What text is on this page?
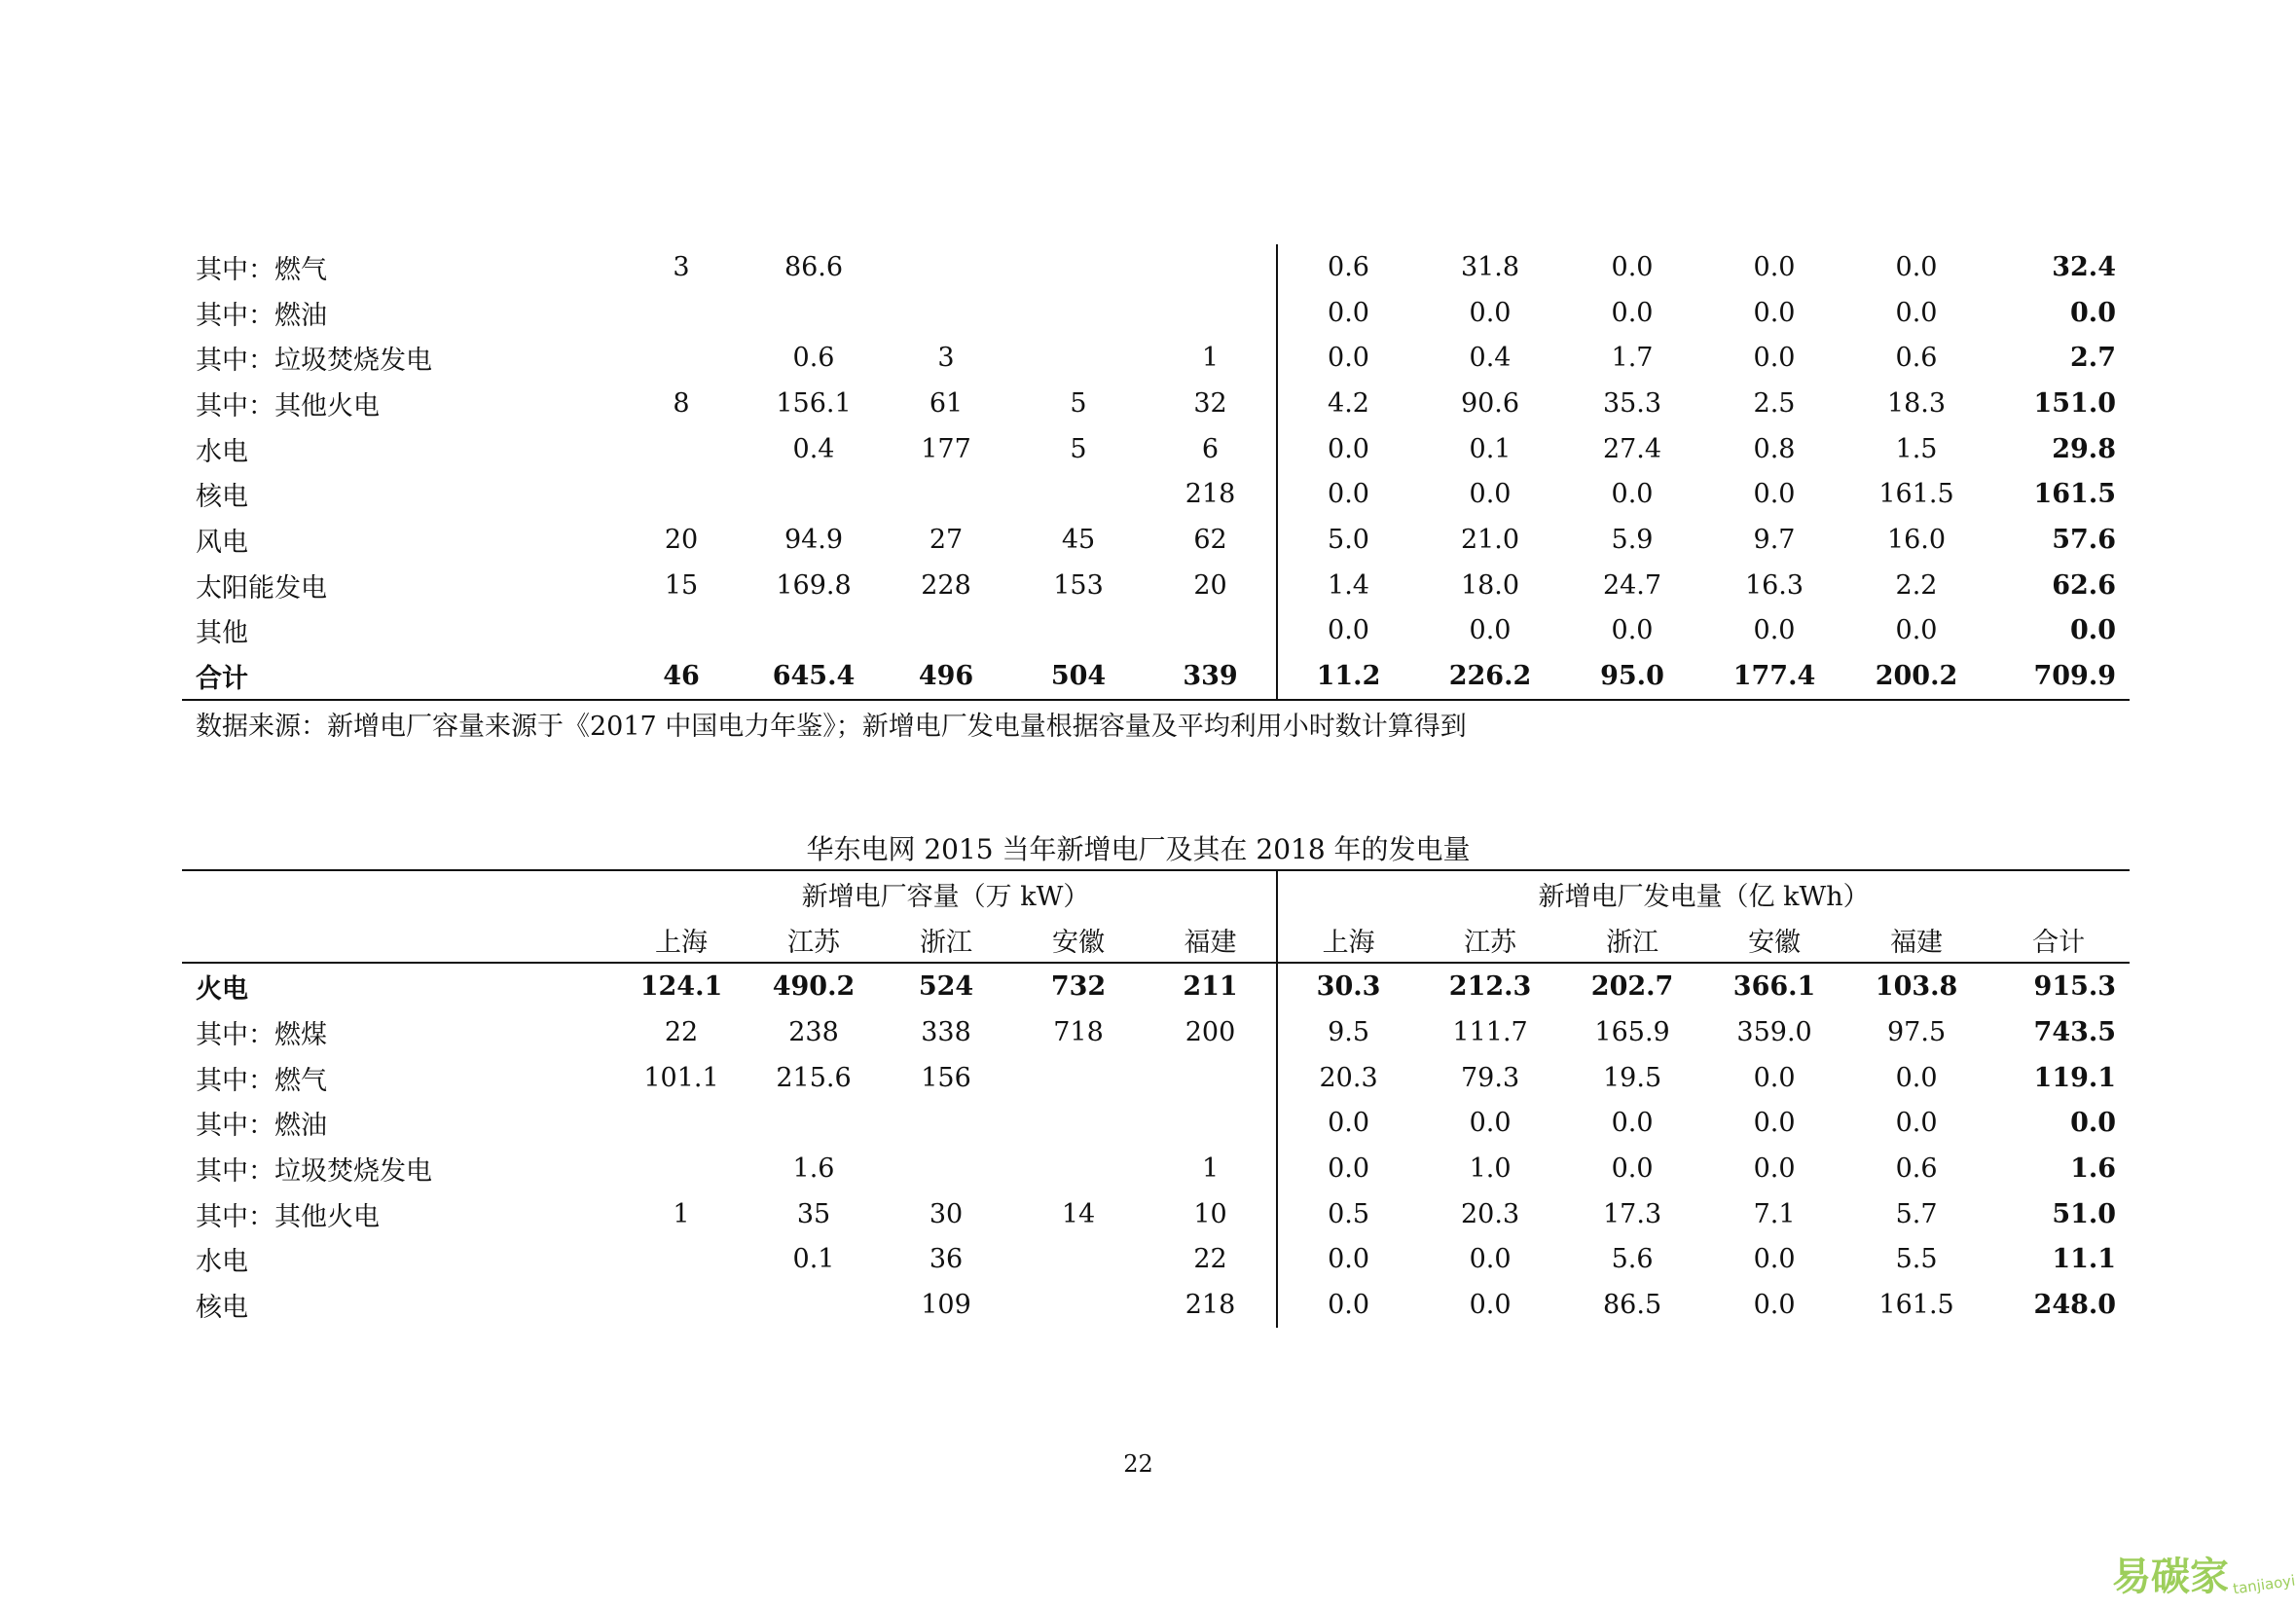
其中：燃气	3	86.6				0.6	31.8	0.0	0.0	0.0	32.4
其中：燃油						0.0	0.0	0.0	0.0	0.0	0.0
其中：垃圾焚烧发电		0.6	3		1	0.0	0.4	1.7	0.0	0.6	2.7
其中：其他火电	8	156.1	61	5	32	4.2	90.6	35.3	2.5	18.3	151.0
水电		0.4	177	5	6	0.0	0.1	27.4	0.8	1.5	29.8
核电					218	0.0	0.0	0.0	0.0	161.5	161.5
风电	20	94.9	27	45	62	5.0	21.0	5.9	9.7	16.0	57.6
太阳能发电	15	169.8	228	153	20	1.4	18.0	24.7	16.3	2.2	62.6
其他						0.0	0.0	0.0	0.0	0.0	0.0
合计	46	645.4	496	504	339	11.2	226.2	95.0	177.4	200.2	709.9
数据来源：新增电厂容量来源于《2017 中国电力年鉴》；新增电厂发电量根据容量及平均利用小时数计算得到
华东电网 2015 当年新增电厂及其在 2018 年的发电量
	新增电厂容量（万 kW）					新增电厂发电量（亿 kWh）					
	上海	江苏	浙江	安徽	福建	上海	江苏	浙江	安徽	福建	合计
火电	124.1	490.2	524	732	211	30.3	212.3	202.7	366.1	103.8	915.3
其中：燃煤	22	238	338	718	200	9.5	111.7	165.9	359.0	97.5	743.5
其中：燃气	101.1	215.6	156			20.3	79.3	19.5	0.0	0.0	119.1
其中：燃油						0.0	0.0	0.0	0.0	0.0	0.0
其中：垃圾焚烧发电		1.6			1	0.0	1.0	0.0	0.0	0.6	1.6
其中：其他火电	1	35	30	14	10	0.5	20.3	17.3	7.1	5.7	51.0
水电		0.1	36		22	0.0	0.0	5.6	0.0	5.5	11.1
核电			109		218	0.0	0.0	86.5	0.0	161.5	248.0
22
易碳家 tanjiaoyi
